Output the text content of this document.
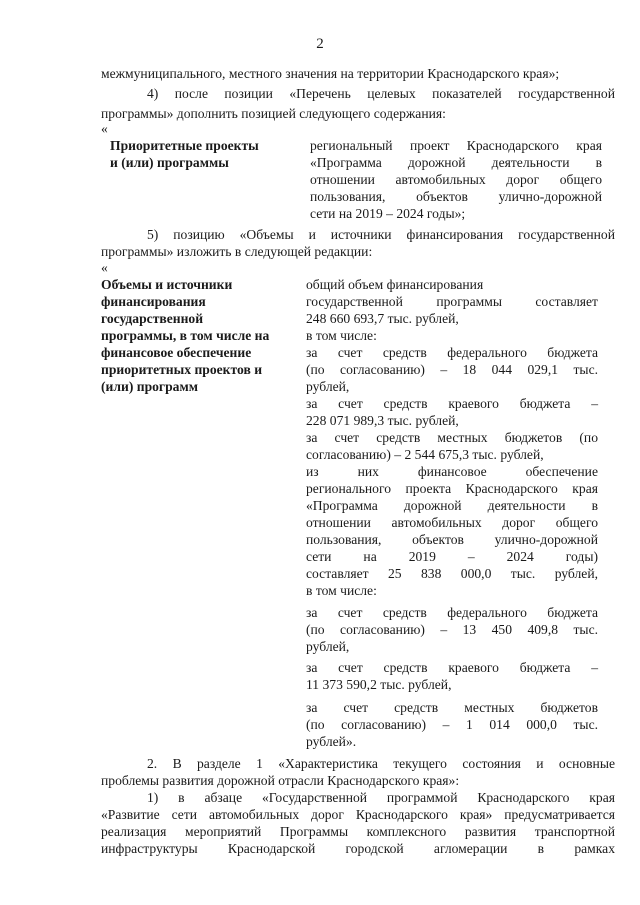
2
межмуниципального, местного значения на территории Краснодарского края»;
4) после позиции «Перечень целевых показателей государственной
программы» дополнить позицией следующего содержания:
«
Приоритетные проекты
и (или) программы
региональный проект Краснодарского края
«Программа дорожной деятельности в
отношении автомобильных дорог общего
пользования, объектов улично-дорожной
сети на 2019 – 2024 годы»;
5) позицию «Объемы и источники финансирования государственной
программы» изложить в следующей редакции:
«
Объемы и источники
финансирования
государственной
программы, в том числе на
финансовое обеспечение
приоритетных проектов и
(или) программ
общий объем финансирования
государственной программы составляет
248 660 693,7 тыс. рублей,
в том числе:
за счет средств федерального бюджета
(по согласованию) – 18 044 029,1 тыс.
рублей,
за счет средств краевого бюджета –
228 071 989,3 тыс. рублей,
за счет средств местных бюджетов (по
согласованию) – 2 544 675,3 тыс. рублей,
из них финансовое обеспечение
регионального проекта Краснодарского края
«Программа дорожной деятельности в
отношении автомобильных дорог общего
пользования, объектов улично-дорожной
сети на 2019 – 2024 годы)
составляет 25 838 000,0 тыс. рублей,
в том числе:
за счет средств федерального бюджета
(по согласованию) – 13 450 409,8 тыс.
рублей,
за счет средств краевого бюджета –
11 373 590,2 тыс. рублей,
за счет средств местных бюджетов
(по согласованию) – 1 014 000,0 тыс.
рублей».
2. В разделе 1 «Характеристика текущего состояния и основные
проблемы развития дорожной отрасли Краснодарского края»:
1) в абзаце «Государственной программой Краснодарского края
«Развитие сети автомобильных дорог Краснодарского края» предусматривается
реализация мероприятий Программы комплексного развития транспортной
инфраструктуры Краснодарской городской агломерации в рамках
